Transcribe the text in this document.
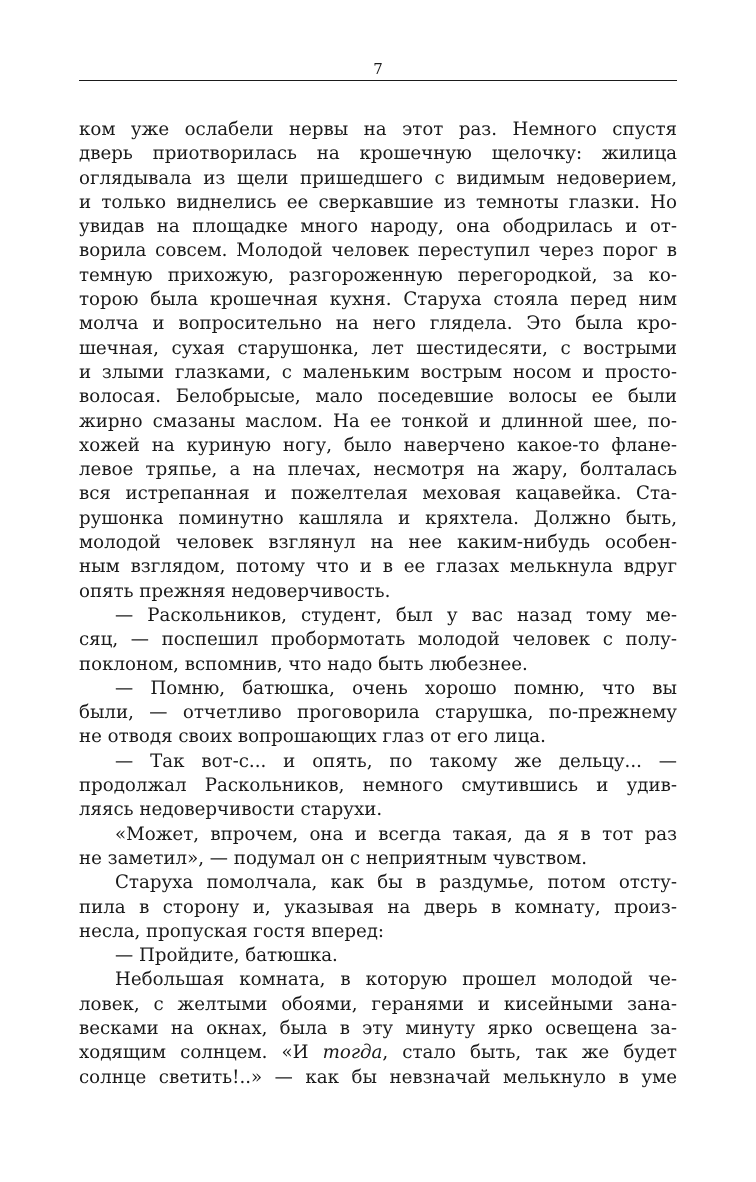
7
ком уже ослабели нервы на этот раз. Немного спустя
дверь приотворилась на крошечную щелочку: жилица
оглядывала из щели пришедшего с видимым недоверием,
и только виднелись ее сверкавшие из темноты глазки. Но
увидав на площадке много народу, она ободрилась и от-
ворила совсем. Молодой человек переступил через порог в
темную прихожую, разгороженную перегородкой, за ко-
торою была крошечная кухня. Старуха стояла перед ним
молча и вопросительно на него глядела. Это была кро-
шечная, сухая старушонка, лет шестидесяти, с вострыми
и злыми глазками, с маленьким вострым носом и просто-
волосая. Белобрысые, мало поседевшие волосы ее были
жирно смазаны маслом. На ее тонкой и длинной шее, по-
хожей на куриную ногу, было наверчено какое-то флане-
левое тряпье, а на плечах, несмотря на жару, болталась
вся истрепанная и пожелтелая меховая кацавейка. Ста-
рушонка поминутно кашляла и кряхтела. Должно быть,
молодой человек взглянул на нее каким-нибудь особен-
ным взглядом, потому что и в ее глазах мелькнула вдруг
опять прежняя недоверчивость.
— Раскольников, студент, был у вас назад тому ме-
сяц, — поспешил пробормотать молодой человек с полу-
поклоном, вспомнив, что надо быть любезнее.
— Помню, батюшка, очень хорошо помню, что вы
были, — отчетливо проговорила старушка, по-прежнему
не отводя своих вопрошающих глаз от его лица.
— Так вот-с... и опять, по такому же дельцу... —
продолжал Раскольников, немного смутившись и удив-
ляясь недоверчивости старухи.
«Может, впрочем, она и всегда такая, да я в тот раз
не заметил», — подумал он с неприятным чувством.
Старуха помолчала, как бы в раздумье, потом отсту-
пила в сторону и, указывая на дверь в комнату, произ-
несла, пропуская гостя вперед:
— Пройдите, батюшка.
Небольшая комната, в которую прошел молодой че-
ловек, с желтыми обоями, геранями и кисейными зана-
весками на окнах, была в эту минуту ярко освещена за-
ходящим солнцем. «И тогда, стало быть, так же будет
солнце светить!..» — как бы невзначай мелькнуло в уме
